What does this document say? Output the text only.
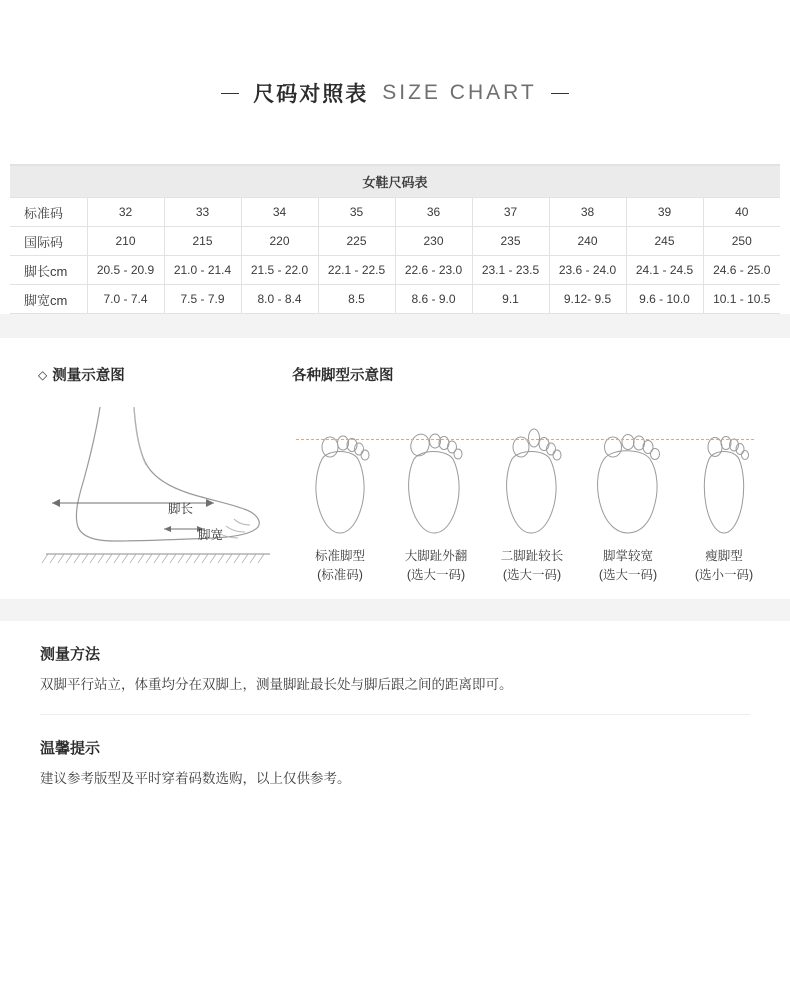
尺码对照表 SIZE CHART
女鞋尺码表									
标准码	32	33	34	35	36	37	38	39	40
国际码	210	215	220	225	230	235	240	245	250
脚长cm	20.5 - 20.9	21.0 - 21.4	21.5 - 22.0	22.1 - 22.5	22.6 - 23.0	23.1 - 23.5	23.6 - 24.0	24.1 - 24.5	24.6 - 25.0
脚宽cm	7.0 - 7.4	7.5 - 7.9	8.0 - 8.4	8.5	8.6 - 9.0	9.1	9.12- 9.5	9.6 - 10.0	10.1 - 10.5
◇ 测量示意图
脚长
脚宽
各种脚型示意图
标准脚型
(标准码)
大脚趾外翻
(选大一码)
二脚趾较长
(选大一码)
脚掌较宽
(选大一码)
瘦脚型
(选小一码)
测量方法

双脚平行站立，体重均分在双脚上，测量脚趾最长处与脚后跟之间的距离即可。

温馨提示

建议参考版型及平时穿着码数选购，以上仅供参考。
